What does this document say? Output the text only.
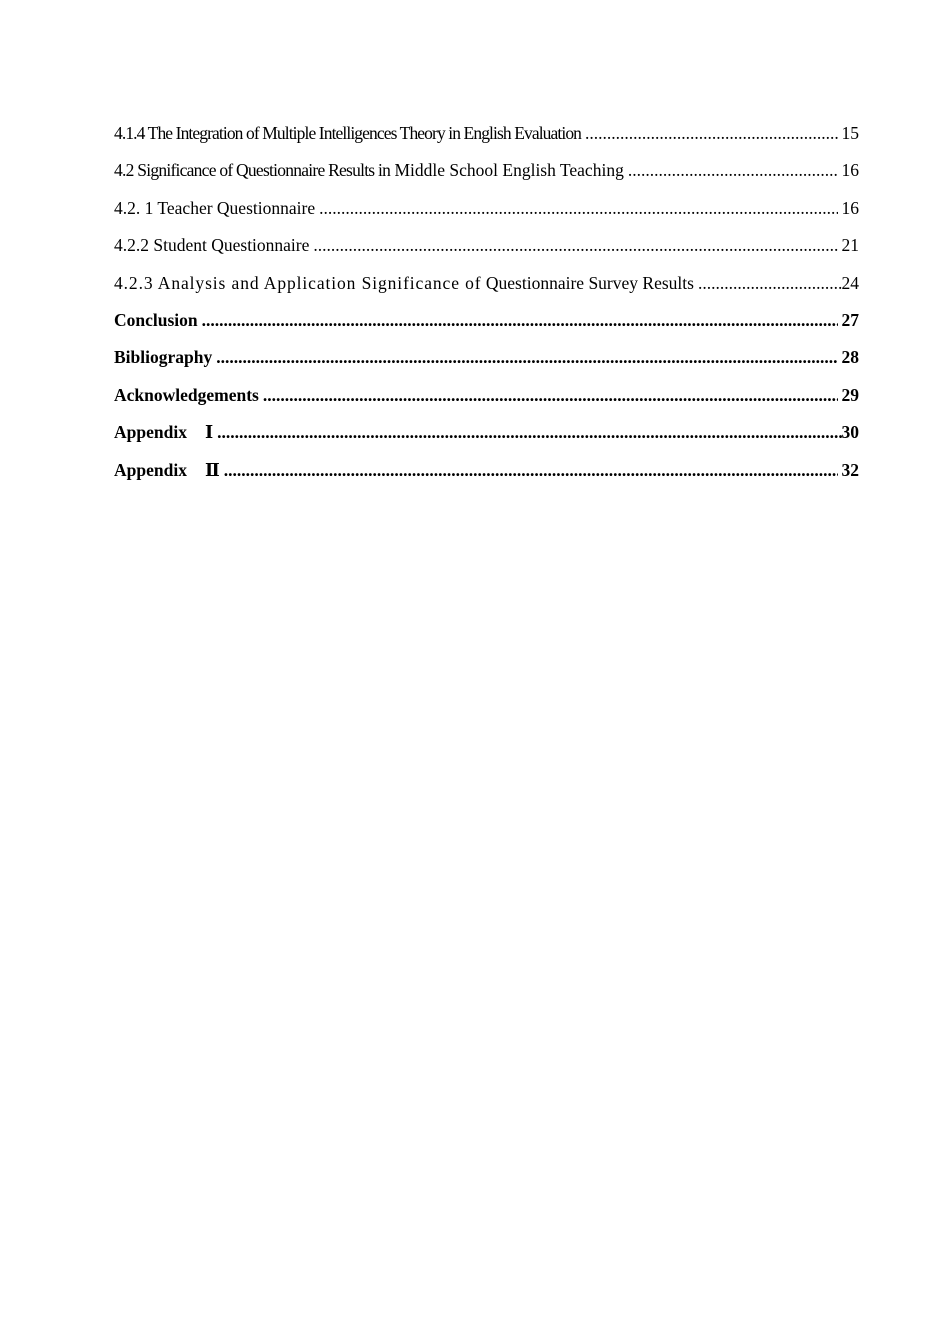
4.1.4 The Integration of Multiple Intelligences Theory in English Evaluation .....	15
4.2 Significance of Questionnaire Results in Middle School English Teaching .....	16
4.2. 1 Teacher Questionnaire .....	16
4.2.2 Student Questionnaire .....	21
4.2.3 Analysis and Application Significance of Questionnaire Survey Results .....	24
Conclusion .....	27
Bibliography .....	28
Acknowledgements .....	29
Appendix Ⅰ .....	30
Appendix Ⅱ .....	32
